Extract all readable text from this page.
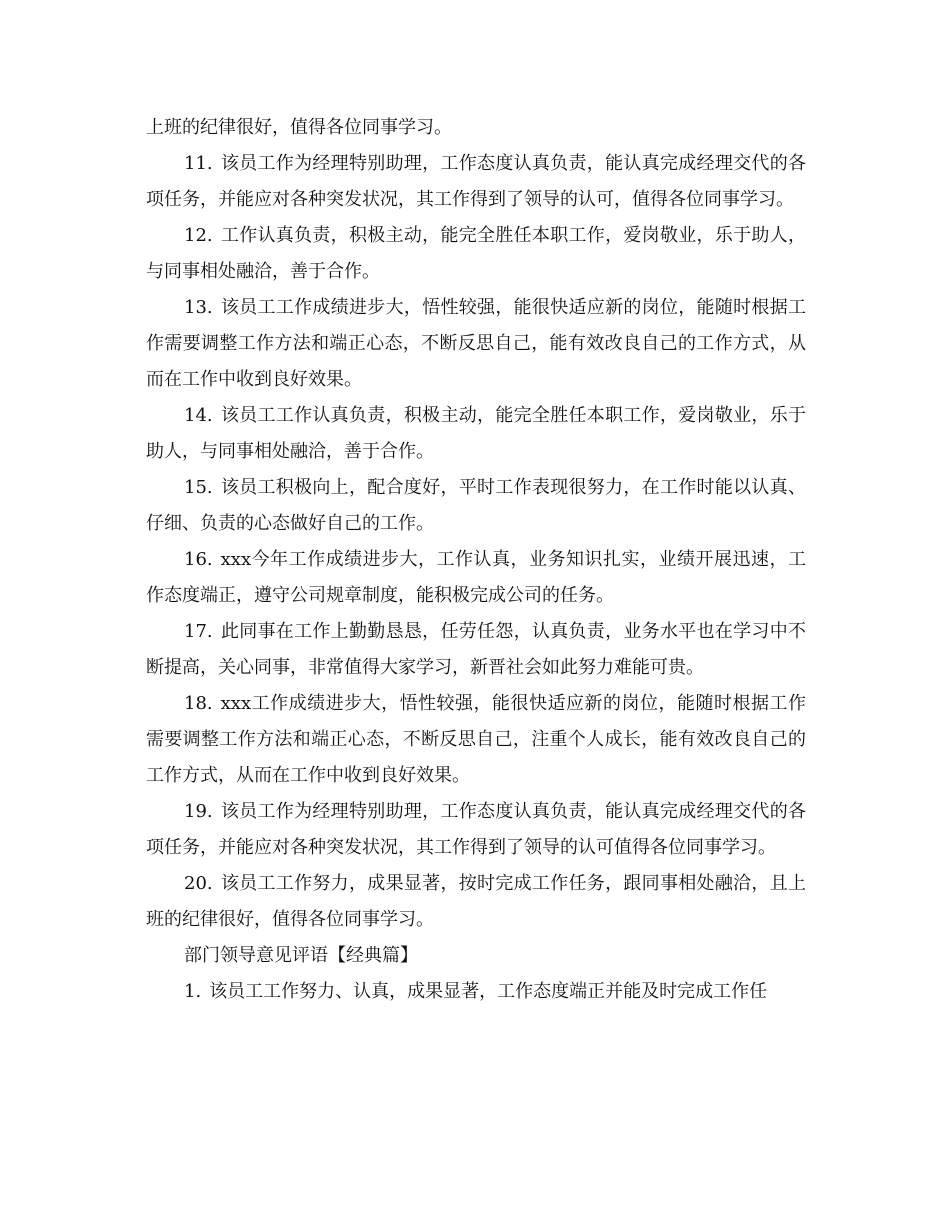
上班的纪律很好，值得各位同事学习。

11. 该员工作为经理特别助理，工作态度认真负责，能认真完成经理交代的各项任务，并能应对各种突发状况，其工作得到了领导的认可，值得各位同事学习。

12. 工作认真负责，积极主动，能完全胜任本职工作，爱岗敬业，乐于助人，与同事相处融洽，善于合作。

13. 该员工工作成绩进步大，悟性较强，能很快适应新的岗位，能随时根据工作需要调整工作方法和端正心态，不断反思自己，能有效改良自己的工作方式，从而在工作中收到良好效果。

14. 该员工工作认真负责，积极主动，能完全胜任本职工作，爱岗敬业，乐于助人，与同事相处融洽，善于合作。

15. 该员工积极向上，配合度好，平时工作表现很努力，在工作时能以认真、仔细、负责的心态做好自己的工作。

16. xxx今年工作成绩进步大，工作认真，业务知识扎实，业绩开展迅速，工作态度端正，遵守公司规章制度，能积极完成公司的任务。

17. 此同事在工作上勤勤恳恳，任劳任怨，认真负责，业务水平也在学习中不断提高，关心同事，非常值得大家学习，新晋社会如此努力难能可贵。

18. xxx工作成绩进步大，悟性较强，能很快适应新的岗位，能随时根据工作需要调整工作方法和端正心态，不断反思自己，注重个人成长，能有效改良自己的工作方式，从而在工作中收到良好效果。

19. 该员工作为经理特别助理，工作态度认真负责，能认真完成经理交代的各项任务，并能应对各种突发状况，其工作得到了领导的认可值得各位同事学习。

20. 该员工工作努力，成果显著，按时完成工作任务，跟同事相处融洽，且上班的纪律很好，值得各位同事学习。

部门领导意见评语【经典篇】

1. 该员工工作努力、认真，成果显著，工作态度端正并能及时完成工作任
